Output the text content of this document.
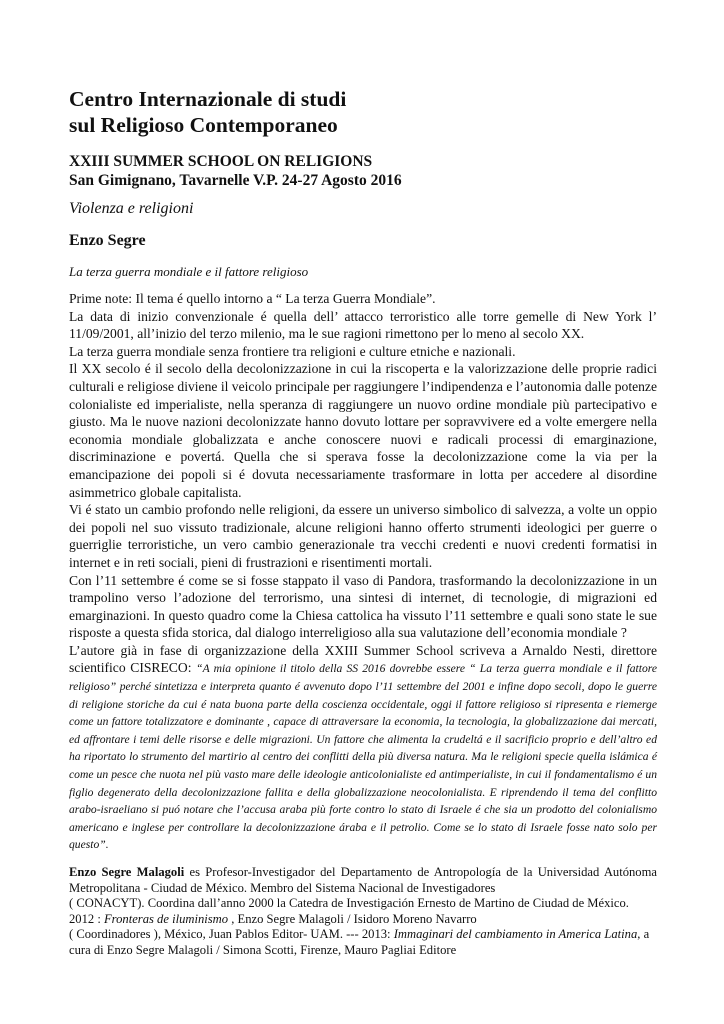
Centro Internazionale di studi
sul Religioso Contemporaneo
XXIII SUMMER SCHOOL ON RELIGIONS
San Gimignano, Tavarnelle V.P. 24-27 Agosto 2016
Violenza e religioni
Enzo Segre
La terza guerra mondiale e il fattore religioso

Prime note: Il tema é quello intorno a “ La terza Guerra Mondiale”.

La data di inizio convenzionale é quella dell’ attacco terroristico alle torre gemelle di New York l’ 11/09/2001, all’inizio del terzo milenio, ma le sue ragioni rimettono per lo meno al secolo XX.

La terza guerra mondiale senza frontiere tra religioni e culture etniche e nazionali.

Il XX secolo é il secolo della decolonizzazione in cui la riscoperta e la valorizzazione delle proprie radici culturali e religiose diviene il veicolo principale per raggiungere l’indipendenza e l’autonomia dalle potenze colonialiste ed imperialiste, nella speranza di raggiungere un nuovo ordine mondiale più partecipativo e giusto. Ma le nuove nazioni decolonizzate hanno dovuto lottare per sopravvivere ed a volte emergere nella economia mondiale globalizzata e anche conoscere nuovi e radicali processi di emarginazione, discriminazione e povertá. Quella che si sperava fosse la decolonizzazione come la via per la emancipazione dei popoli si é dovuta necessariamente trasformare in lotta per accedere al disordine asimmetrico globale capitalista.

Vi é stato un cambio profondo nelle religioni, da essere un universo simbolico di salvezza, a volte un oppio dei popoli nel suo vissuto tradizionale, alcune religioni hanno offerto strumenti ideologici per guerre o guerriglie terroristiche, un vero cambio generazionale tra vecchi credenti e nuovi credenti formatisi in internet e in reti sociali, pieni di frustrazioni e risentimenti mortali.

Con l’11 settembre é come se si fosse stappato il vaso di Pandora, trasformando la decolonizzazione in un trampolino verso l’adozione del terrorismo, una sintesi di internet, di tecnologie, di migrazioni ed emarginazioni. In questo quadro come la Chiesa cattolica ha vissuto l’11 settembre e quali sono state le sue risposte a questa sfida storica, dal dialogo interreligioso alla sua valutazione dell’economia mondiale ?

L’autore già in fase di organizzazione della XXIII Summer School scriveva a Arnaldo Nesti, direttore scientifico CISRECO: “A mia opinione il titolo della SS 2016 dovrebbe essere “ La terza guerra mondiale e il fattore religioso” perché sintetizza e interpreta quanto é avvenuto dopo l’11 settembre del 2001 e infine dopo secoli, dopo le guerre di religione storiche da cui é nata buona parte della coscienza occidentale, oggi il fattore religioso si ripresenta e riemerge come un fattore totalizzatore e dominante , capace di attraversare la economia, la tecnologia, la globalizzazione dai mercati, ed affrontare i temi delle risorse e delle migrazioni. Un fattore che alimenta la crudeltá e il sacrificio proprio e dell’altro ed ha riportato lo strumento del martirio al centro dei conflitti della più diversa natura. Ma le religioni specie quella islámica é come un pesce che nuota nel più vasto mare delle ideologie anticolonialiste ed antimperialiste, in cui il fondamentalismo é un figlio degenerato della decolonizzazione fallita e della globalizzazione neocolonialista. E riprendendo il tema del conflitto arabo-israeliano si puó notare che l’accusa araba più forte contro lo stato di Israele é che sia un prodotto del colonialismo americano e inglese per controllare la decolonizzazione áraba e il petrolio. Come se lo stato di Israele fosse nato solo per questo”.

Enzo Segre Malagoli es Profesor-Investigador del Departamento de Antropología de la Universidad Autónoma Metropolitana - Ciudad de México. Membro del Sistema Nacional de Investigadores

( CONACYT). Coordina dall’anno 2000 la Catedra de Investigación Ernesto de Martino de Ciudad de México.

2012 : Fronteras de iluminismo , Enzo Segre Malagoli / Isidoro Moreno Navarro

( Coordinadores ), México, Juan Pablos Editor- UAM. --- 2013: Immaginari del cambiamento in America Latina, a cura di Enzo Segre Malagoli / Simona Scotti, Firenze, Mauro Pagliai Editore
